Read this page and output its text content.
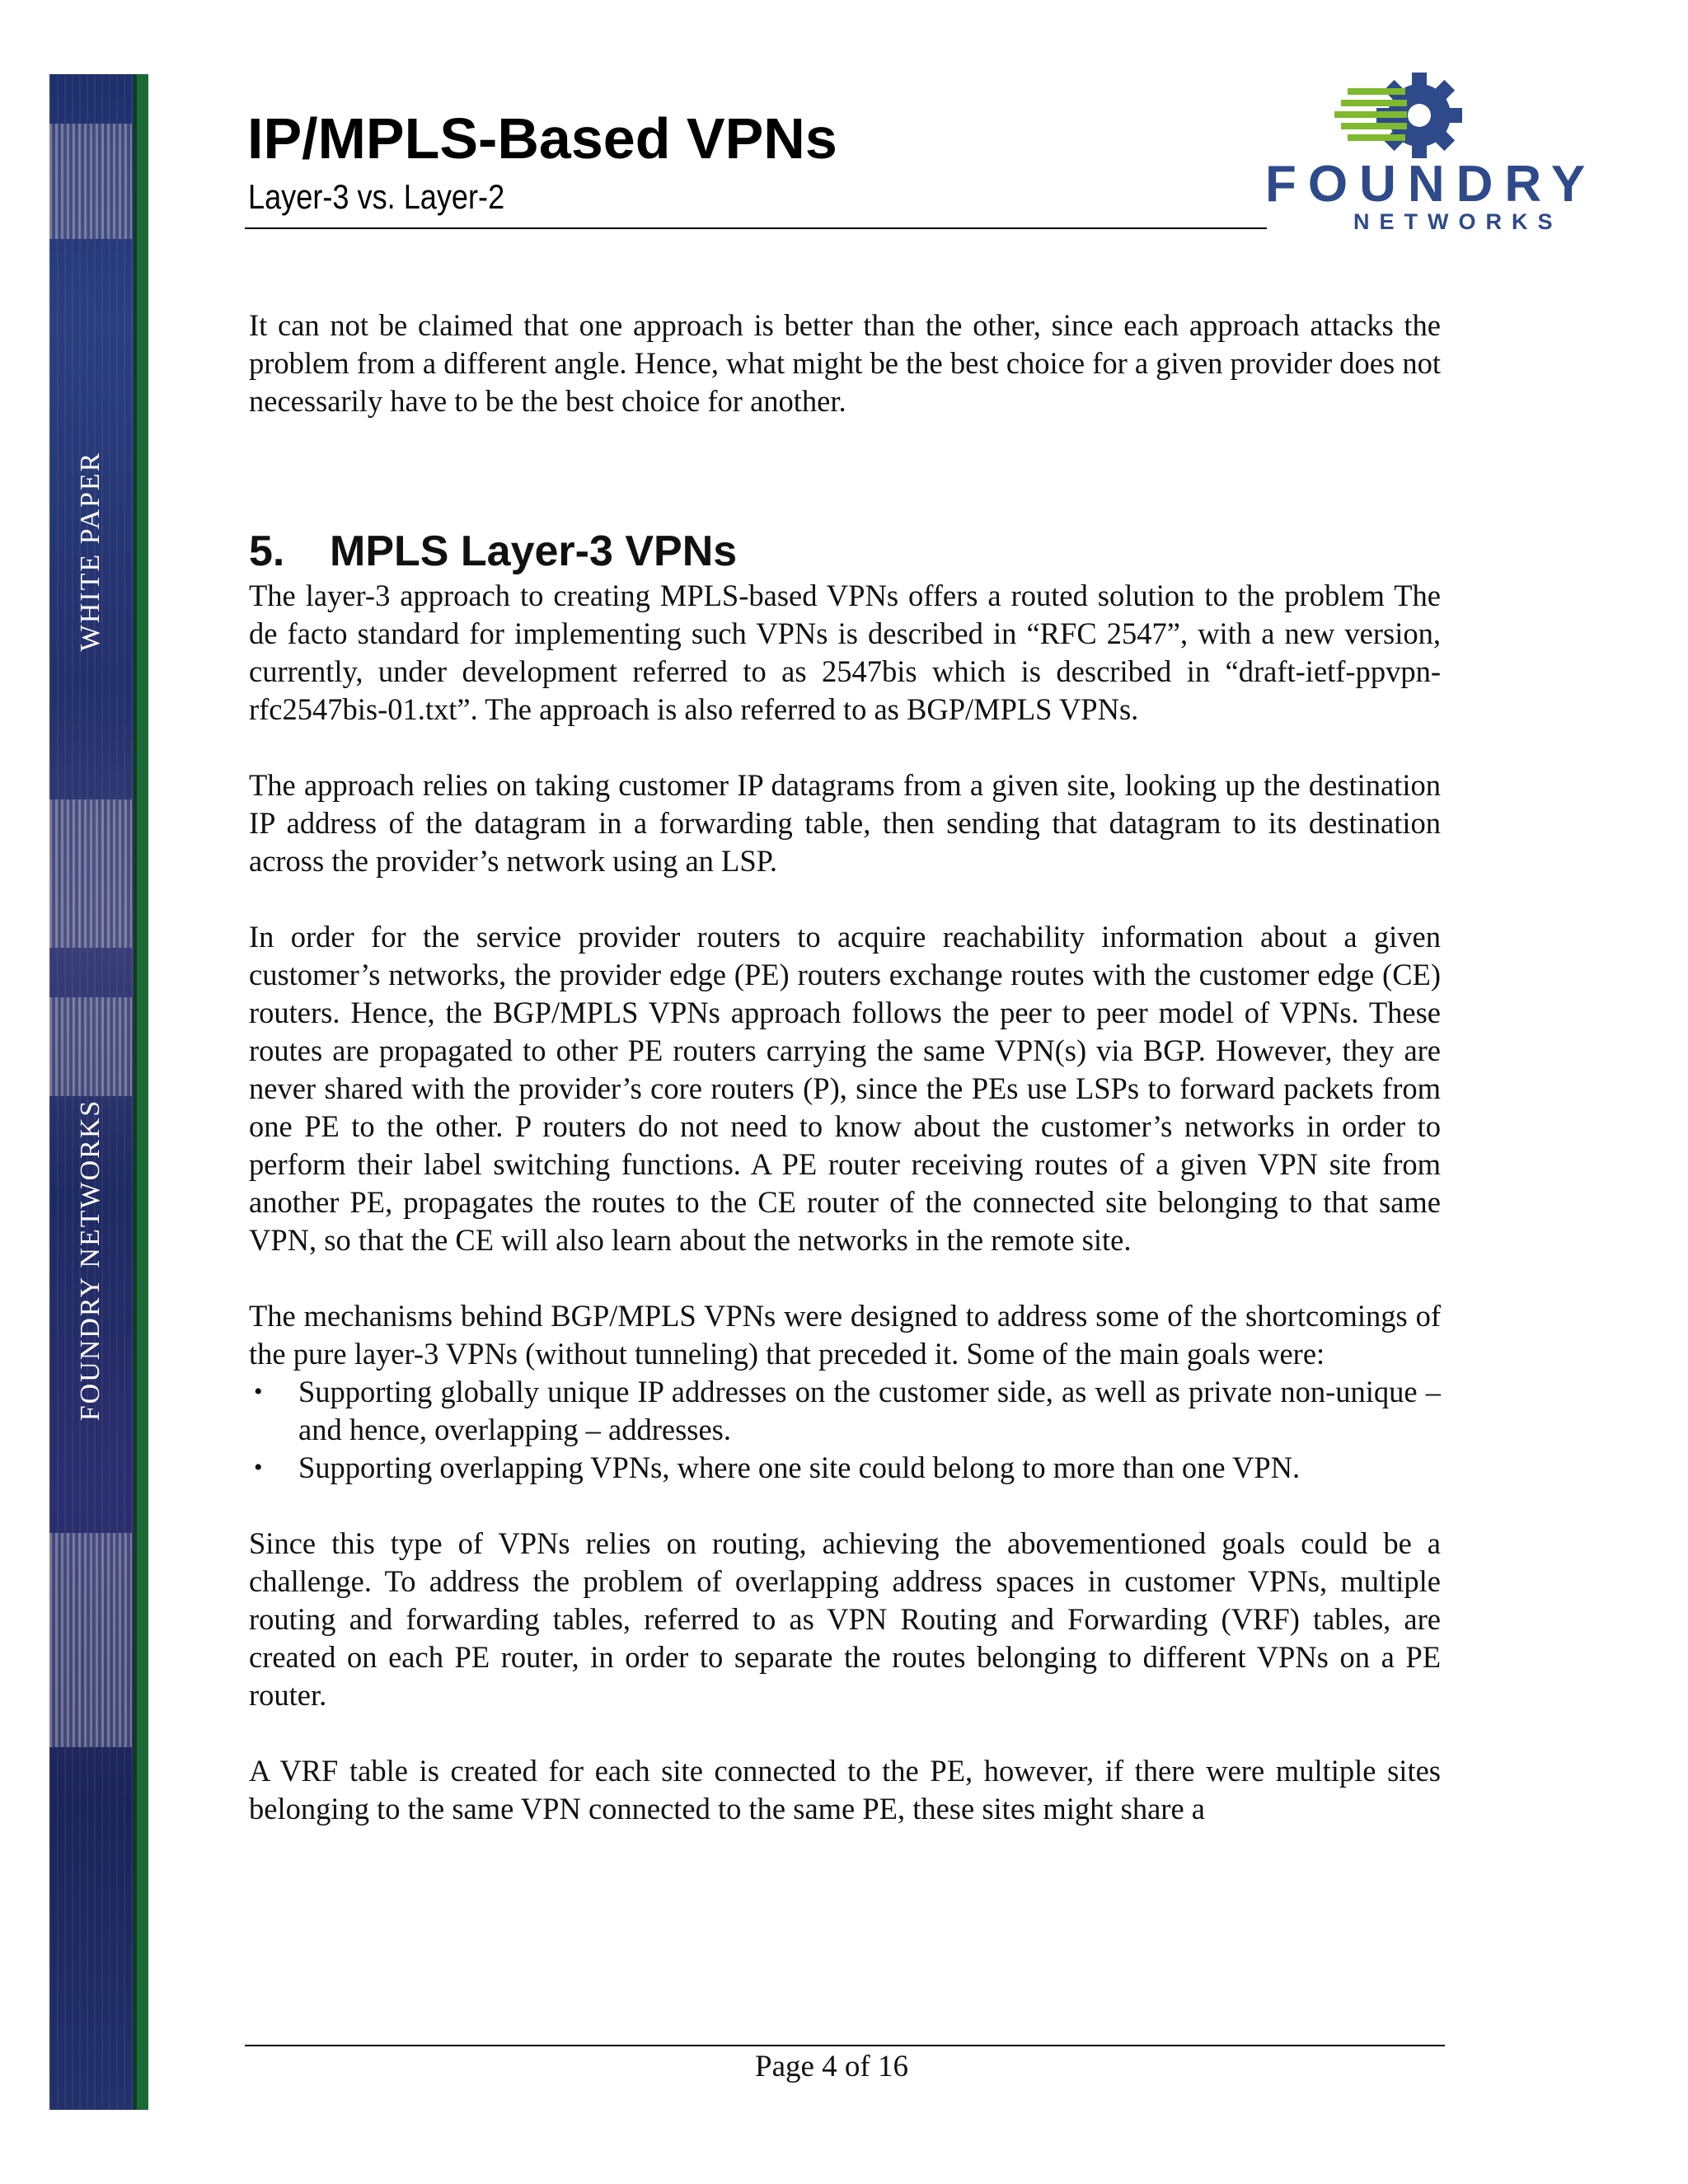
WHITE PAPER
FOUNDRY NETWORKS
IP/MPLS-Based VPNs
Layer-3 vs. Layer-2	FOUNDRY
NETWORKS

It can not be claimed that one approach is better than the other, since each approach attacks the problem from a different angle. Hence, what might be the best choice for a given provider does not necessarily have to be the best choice for another.

5. MPLS Layer-3 VPNs

The layer-3 approach to creating MPLS-based VPNs offers a routed solution to the problem The de facto standard for implementing such VPNs is described in “RFC 2547”, with a new version, currently, under development referred to as 2547bis which is described in “draft-ietf-ppvpn-rfc2547bis-01.txt”. The approach is also referred to as BGP/MPLS VPNs.

The approach relies on taking customer IP datagrams from a given site, looking up the destination IP address of the datagram in a forwarding table, then sending that datagram to its destination across the provider’s network using an LSP.

In order for the service provider routers to acquire reachability information about a given customer’s networks, the provider edge (PE) routers exchange routes with the customer edge (CE) routers. Hence, the BGP/MPLS VPNs approach follows the peer to peer model of VPNs. These routes are propagated to other PE routers carrying the same VPN(s) via BGP. However, they are never shared with the provider’s core routers (P), since the PEs use LSPs to forward packets from one PE to the other. P routers do not need to know about the customer’s networks in order to perform their label switching functions. A PE router receiving routes of a given VPN site from another PE, propagates the routes to the CE router of the connected site belonging to that same VPN, so that the CE will also learn about the networks in the remote site.

The mechanisms behind BGP/MPLS VPNs were designed to address some of the shortcomings of the pure layer-3 VPNs (without tunneling) that preceded it. Some of the main goals were:

• Supporting globally unique IP addresses on the customer side, as well as private non-unique – and hence, overlapping – addresses.
• Supporting overlapping VPNs, where one site could belong to more than one VPN.

Since this type of VPNs relies on routing, achieving the abovementioned goals could be a challenge. To address the problem of overlapping address spaces in customer VPNs, multiple routing and forwarding tables, referred to as VPN Routing and Forwarding (VRF) tables, are created on each PE router, in order to separate the routes belonging to different VPNs on a PE router.

A VRF table is created for each site connected to the PE, however, if there were multiple sites belonging to the same VPN connected to the same PE, these sites might share a

Page 4 of 16
